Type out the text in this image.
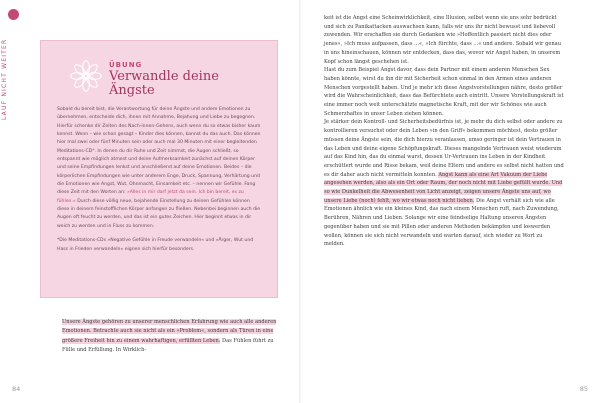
LAUF NICHT WEITER	ÜBUNG
Verwandle deine Ängste
Sobald du bereit bist, die Verantwortung für deine Ängste und andere Emotionen zu übernehmen, entscheide dich, ihnen mit Annahme, Bejahung und Liebe zu begegnen. Hierfür schenke dir Zeiten des Nach-innen-Gehens, auch wenn du so etwas bisher kaum kennst. Wenn – wie schon gesagt – Kinder dies können, kannst du das auch. Das können hier mal zwei oder fünf Minuten sein oder auch mal 30 Minuten mit einer begleitenden Meditations-CD*. In denen du dir Ruhe und Zeit nimmst, die Augen schließt, so entspannt wie möglich atmest und deine Aufmerksamkeit zunächst auf deinen Körper und seine Empfindungen lenkst und anschließend auf deine Emotionen. Beides – die körperlichen Empfindungen wie unter anderem Enge, Druck, Spannung, Verhärtung und die Emotionen wie Angst, Wut, Ohnmacht, Einsamkeit etc. – nennen wir Gefühle. Fang diese Zeit mit den Worten an: »Alles in mir darf jetzt da sein. Ich bin bereit, es zu fühlen.« Durch diese völlig neue, bejahende Einstellung zu deinen Gefühlen können diese in deinem feinstofflichen Körper anfangen zu fließen. Nebenbei beginnen auch die Augen oft feucht zu werden, und das ist ein gutes Zeichen. Hier beginnt etwas in dir weich zu werden und in Fluss zu kommen.
*Die Meditations-CDs »Negative Gefühle in Freude verwandeln« und »Ärger, Wut und Hass in Frieden verwandeln« eignen sich hierfür besonders.
Unsere Ängste gehören zu unserer menschlichen Erfahrung wie auch alle anderen Emotionen. Betrachte auch sie nicht als ein »Problem«, sondern als Türen in eine größere Freiheit hin zu einem wahrhaftigen, erfüllten Leben. Das Fühlen führt zu Fülle und Erfüllung. In Wirklich-
84

keit ist die Angst eine Scheinwirklichkeit, eine Illusion, selbst wenn sie uns sehr bedrückt und sich zu Panikattacken auswachsen kann, falls wir uns ihr nicht bewusst und liebevoll zuwenden. Wir erschaffen sie durch Gedanken wie »Hoffentlich passiert nicht dies oder jenes«, »Ich muss aufpassen, dass ...«, »Ich fürchte, dass ...« und andere. Sobald wir genau in uns hineinschauen, können wir entdecken, dass das, wovor wir Angst haben, in unserem Kopf schon längst geschehen ist.

Hast du zum Beispiel Angst davor, dass dein Partner mit einem anderen Menschen Sex haben könnte, wirst du ihn dir mit Sicherheit schon einmal in den Armen eines anderen Menschen vorgestellt haben. Und je mehr ich diese Angstvorstellungen nähre, desto größer wird die Wahrscheinlichkeit, dass das Befürchtete auch eintritt. Unsere Vorstellungskraft ist eine immer noch weit unterschätzte magnetische Kraft, mit der wir Schönes wie auch Schmerzhaftes in unser Leben ziehen können.

Je stärker dein Kontroll- und Sicherheitsbedürfnis ist, je mehr du dich selbst oder andere zu kontrollieren versuchst oder dein Leben »in den Griff« bekommen möchtest, desto größer müssen deine Ängste sein, die dich hierzu veranlassen, umso geringer ist dein Vertrauen in das Leben und deine eigene Schöpfungskraft. Dieses mangelnde Vertrauen weist wiederum auf das Kind hin, das du einmal warst, dessen Ur-Vertrauen ins Leben in der Kindheit erschüttert wurde und Risse bekam, weil deine Eltern und andere es selbst nicht hatten und es dir daher auch nicht vermitteln konnten. Angst kann als eine Art Vakuum der Liebe angesehen werden, also als ein Ort oder Raum, der noch nicht mit Liebe gefüllt wurde. Und so wie Dunkelheit die Abwesenheit von Licht anzeigt, zeigen unsere Ängste uns auf, wo unsere Liebe (noch) fehlt, wo wir etwas noch nicht lieben. Die Angst verhält sich wie alle Emotionen ähnlich wie ein kleines Kind, das nach einem Menschen ruft, nach Zuwendung, Berühren, Nähren und Lieben. Solange wir eine feindselige Haltung unseren Ängsten gegenüber haben und sie mit Pillen oder anderen Methoden bekämpfen und loswerden wollen, können sie sich nicht verwandeln und warten darauf, sich wieder zu Wort zu melden.

85
